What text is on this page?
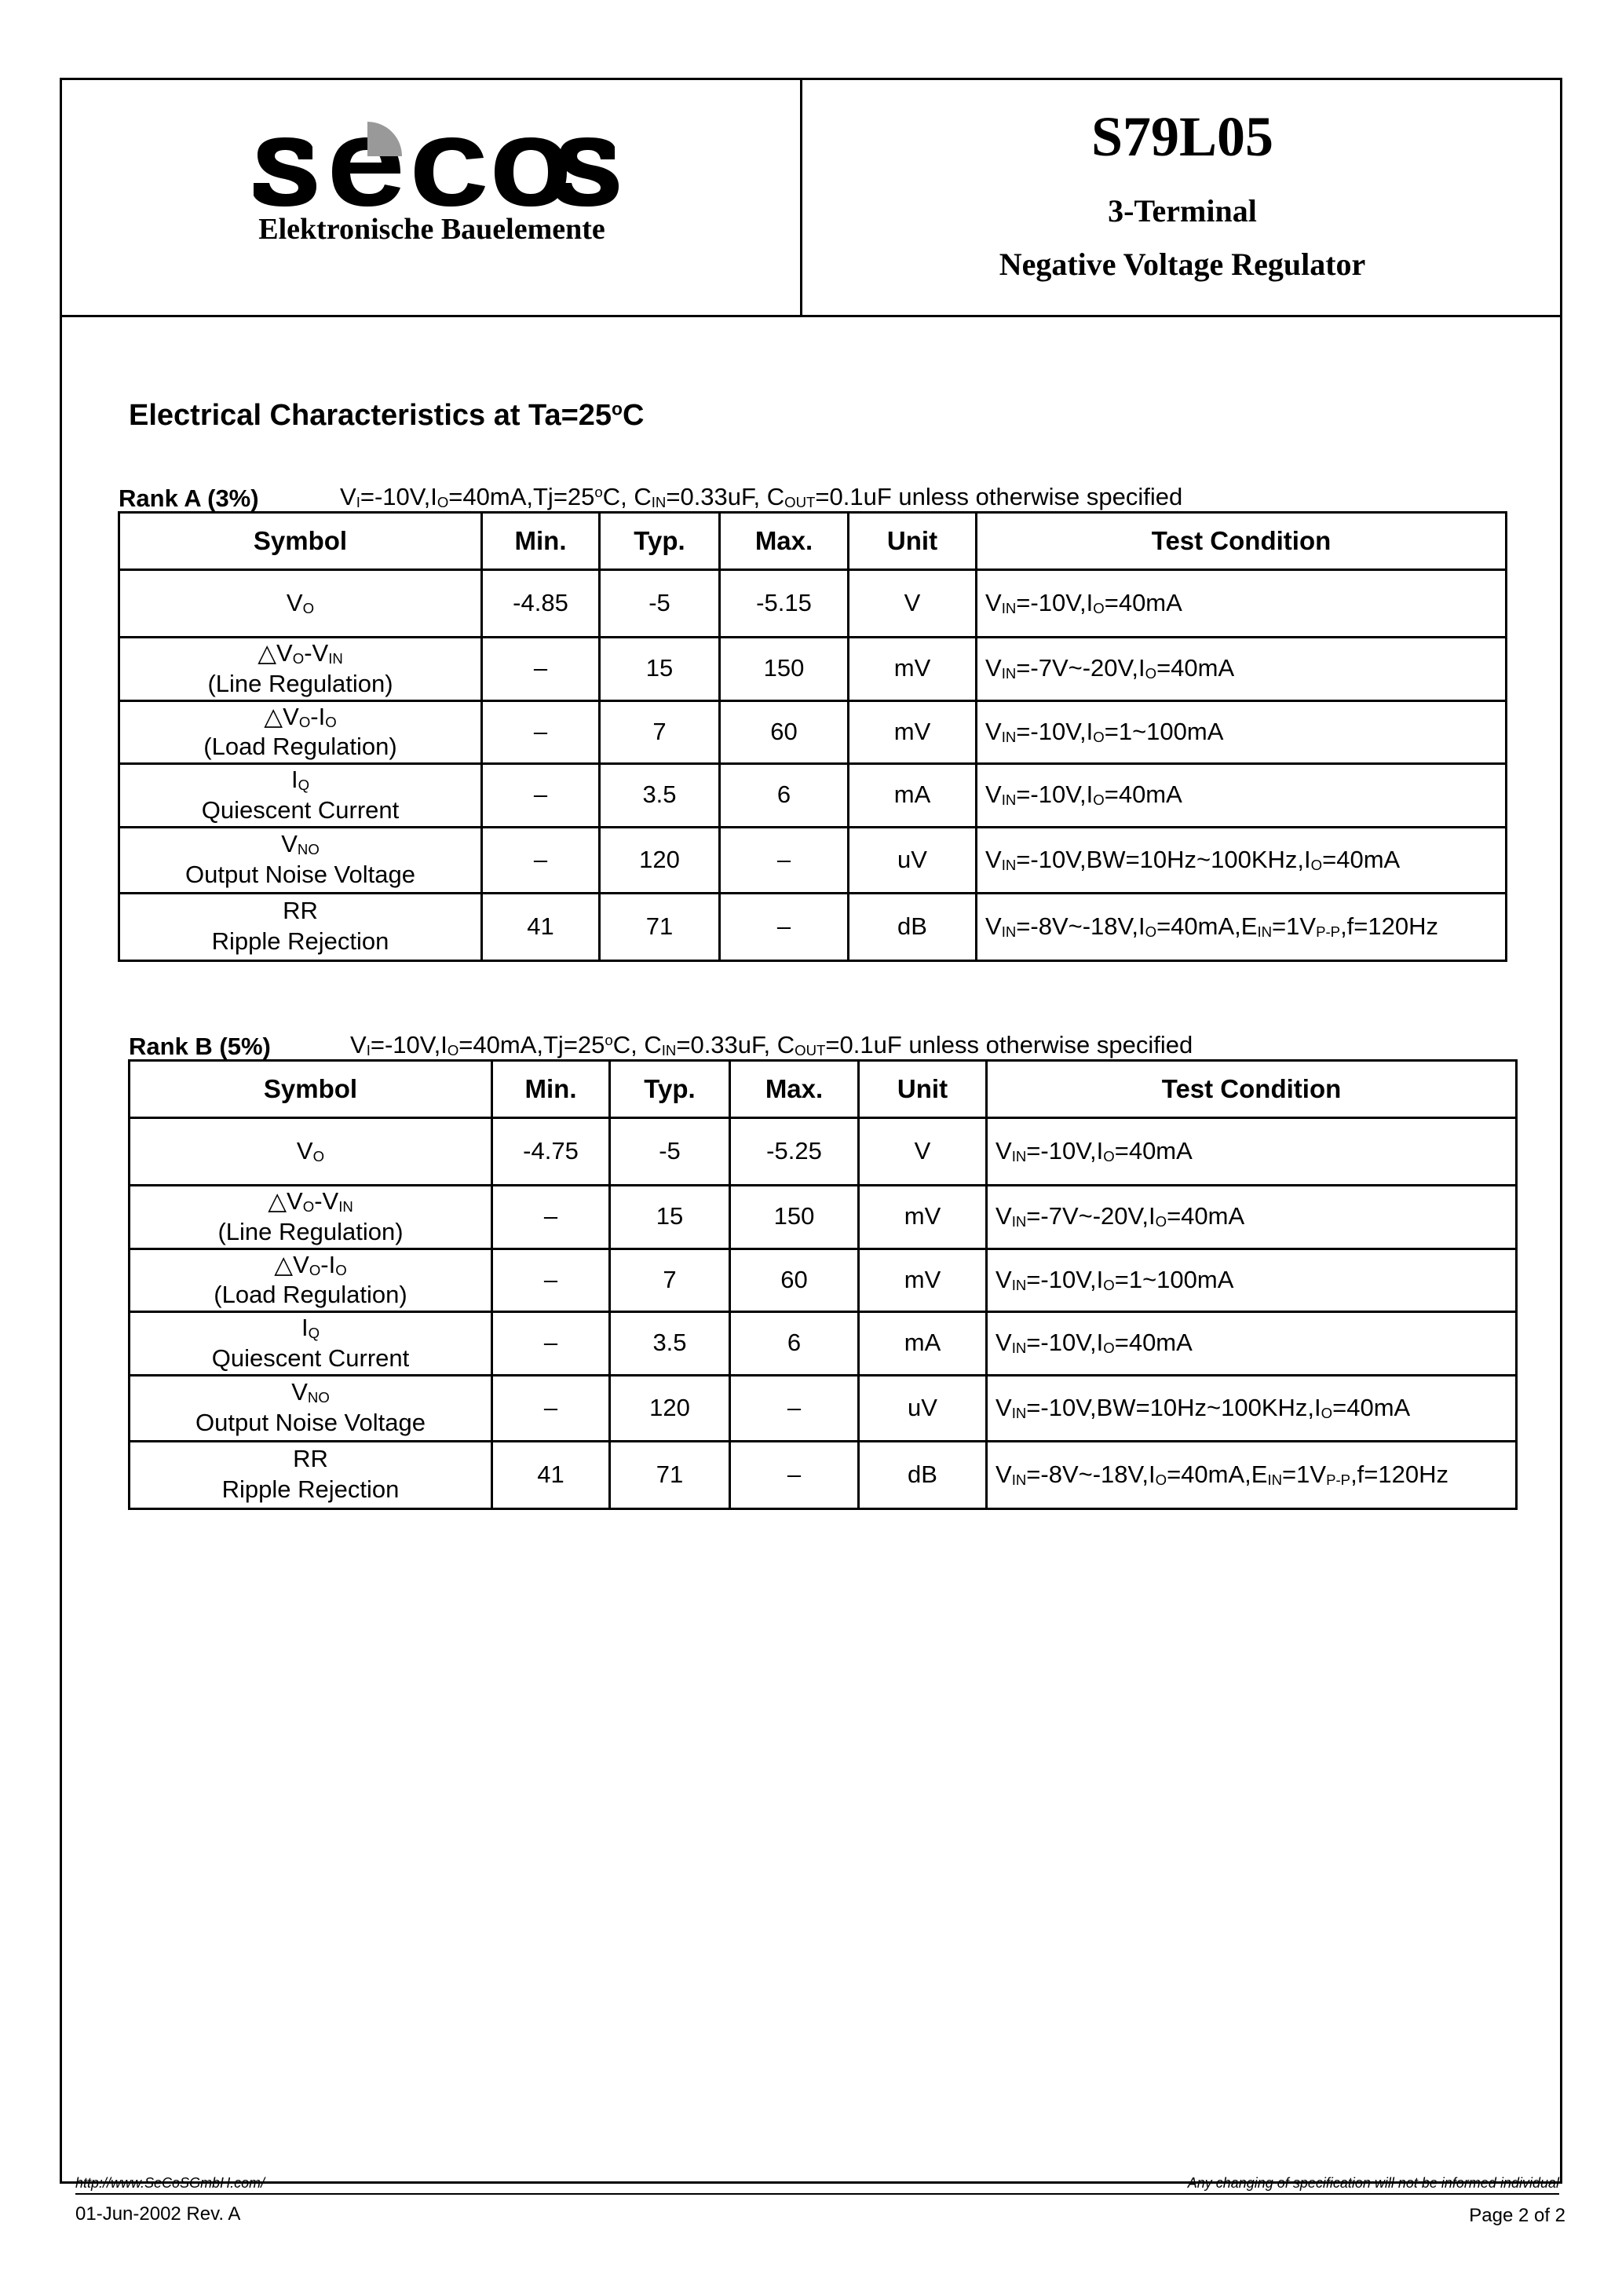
Elektronische Bauelemente
S79L05
3-Terminal
Negative Voltage Regulator
Electrical Characteristics at $Ta=25^oC$
Rank A (3%)	$V_I=-10V,I_O=40mA,Tj=25^oC$, $C_{IN}=0.33uF$, $C_{OUT}=0.1uF$ unless otherwise specified
Symbol	Min.	Typ.	Max.	Unit	Test Condition
$V_O$	-4.85	-5	-5.15	V	$V_{IN}=-10V,I_O=40mA$
$\triangle V_O-V_{IN}$
(Line Regulation)	–	15	150	mV	$V_{IN}=-7V\sim-20V,I_O=40mA$
$\triangle V_O-I_O$
(Load Regulation)	–	7	60	mV	$V_{IN}=-10V,I_O=1\sim 100mA$
$I_Q$
Quiescent Current	–	3.5	6	mA	$V_{IN}=-10V,I_O=40mA$
$V_{NO}$
Output Noise Voltage	–	120	–	uV	$V_{IN}=-10V,BW=10Hz\sim 100KHz,I_O=40mA$
RR
Ripple Rejection	41	71	–	dB	$V_{IN}=-8V\sim-18V,I_O=40mA,E_{IN}=1V_{P-P},f=120Hz$
Rank B (5%)	$V_I=-10V,I_O=40mA,Tj=25^oC$, $C_{IN}=0.33uF$, $C_{OUT}=0.1uF$ unless otherwise specified
Symbol	Min.	Typ.	Max.	Unit	Test Condition
$V_O$	-4.75	-5	-5.25	V	$V_{IN}=-10V,I_O=40mA$
$\triangle V_O-V_{IN}$
(Line Regulation)	–	15	150	mV	$V_{IN}=-7V\sim-20V,I_O=40mA$
$\triangle V_O-I_O$
(Load Regulation)	–	7	60	mV	$V_{IN}=-10V,I_O=1\sim 100mA$
$I_Q$
Quiescent Current	–	3.5	6	mA	$V_{IN}=-10V,I_O=40mA$
$V_{NO}$
Output Noise Voltage	–	120	–	uV	$V_{IN}=-10V,BW=10Hz\sim 100KHz,I_O=40mA$
RR
Ripple Rejection	41	71	–	dB	$V_{IN}=-8V\sim-18V,I_O=40mA,E_{IN}=1V_{P-P},f=120Hz$
http://www.SeCoSGmbH.com/	Any changing of specification will not be informed individual
01-Jun-2002 Rev. A	Page 2 of 2
